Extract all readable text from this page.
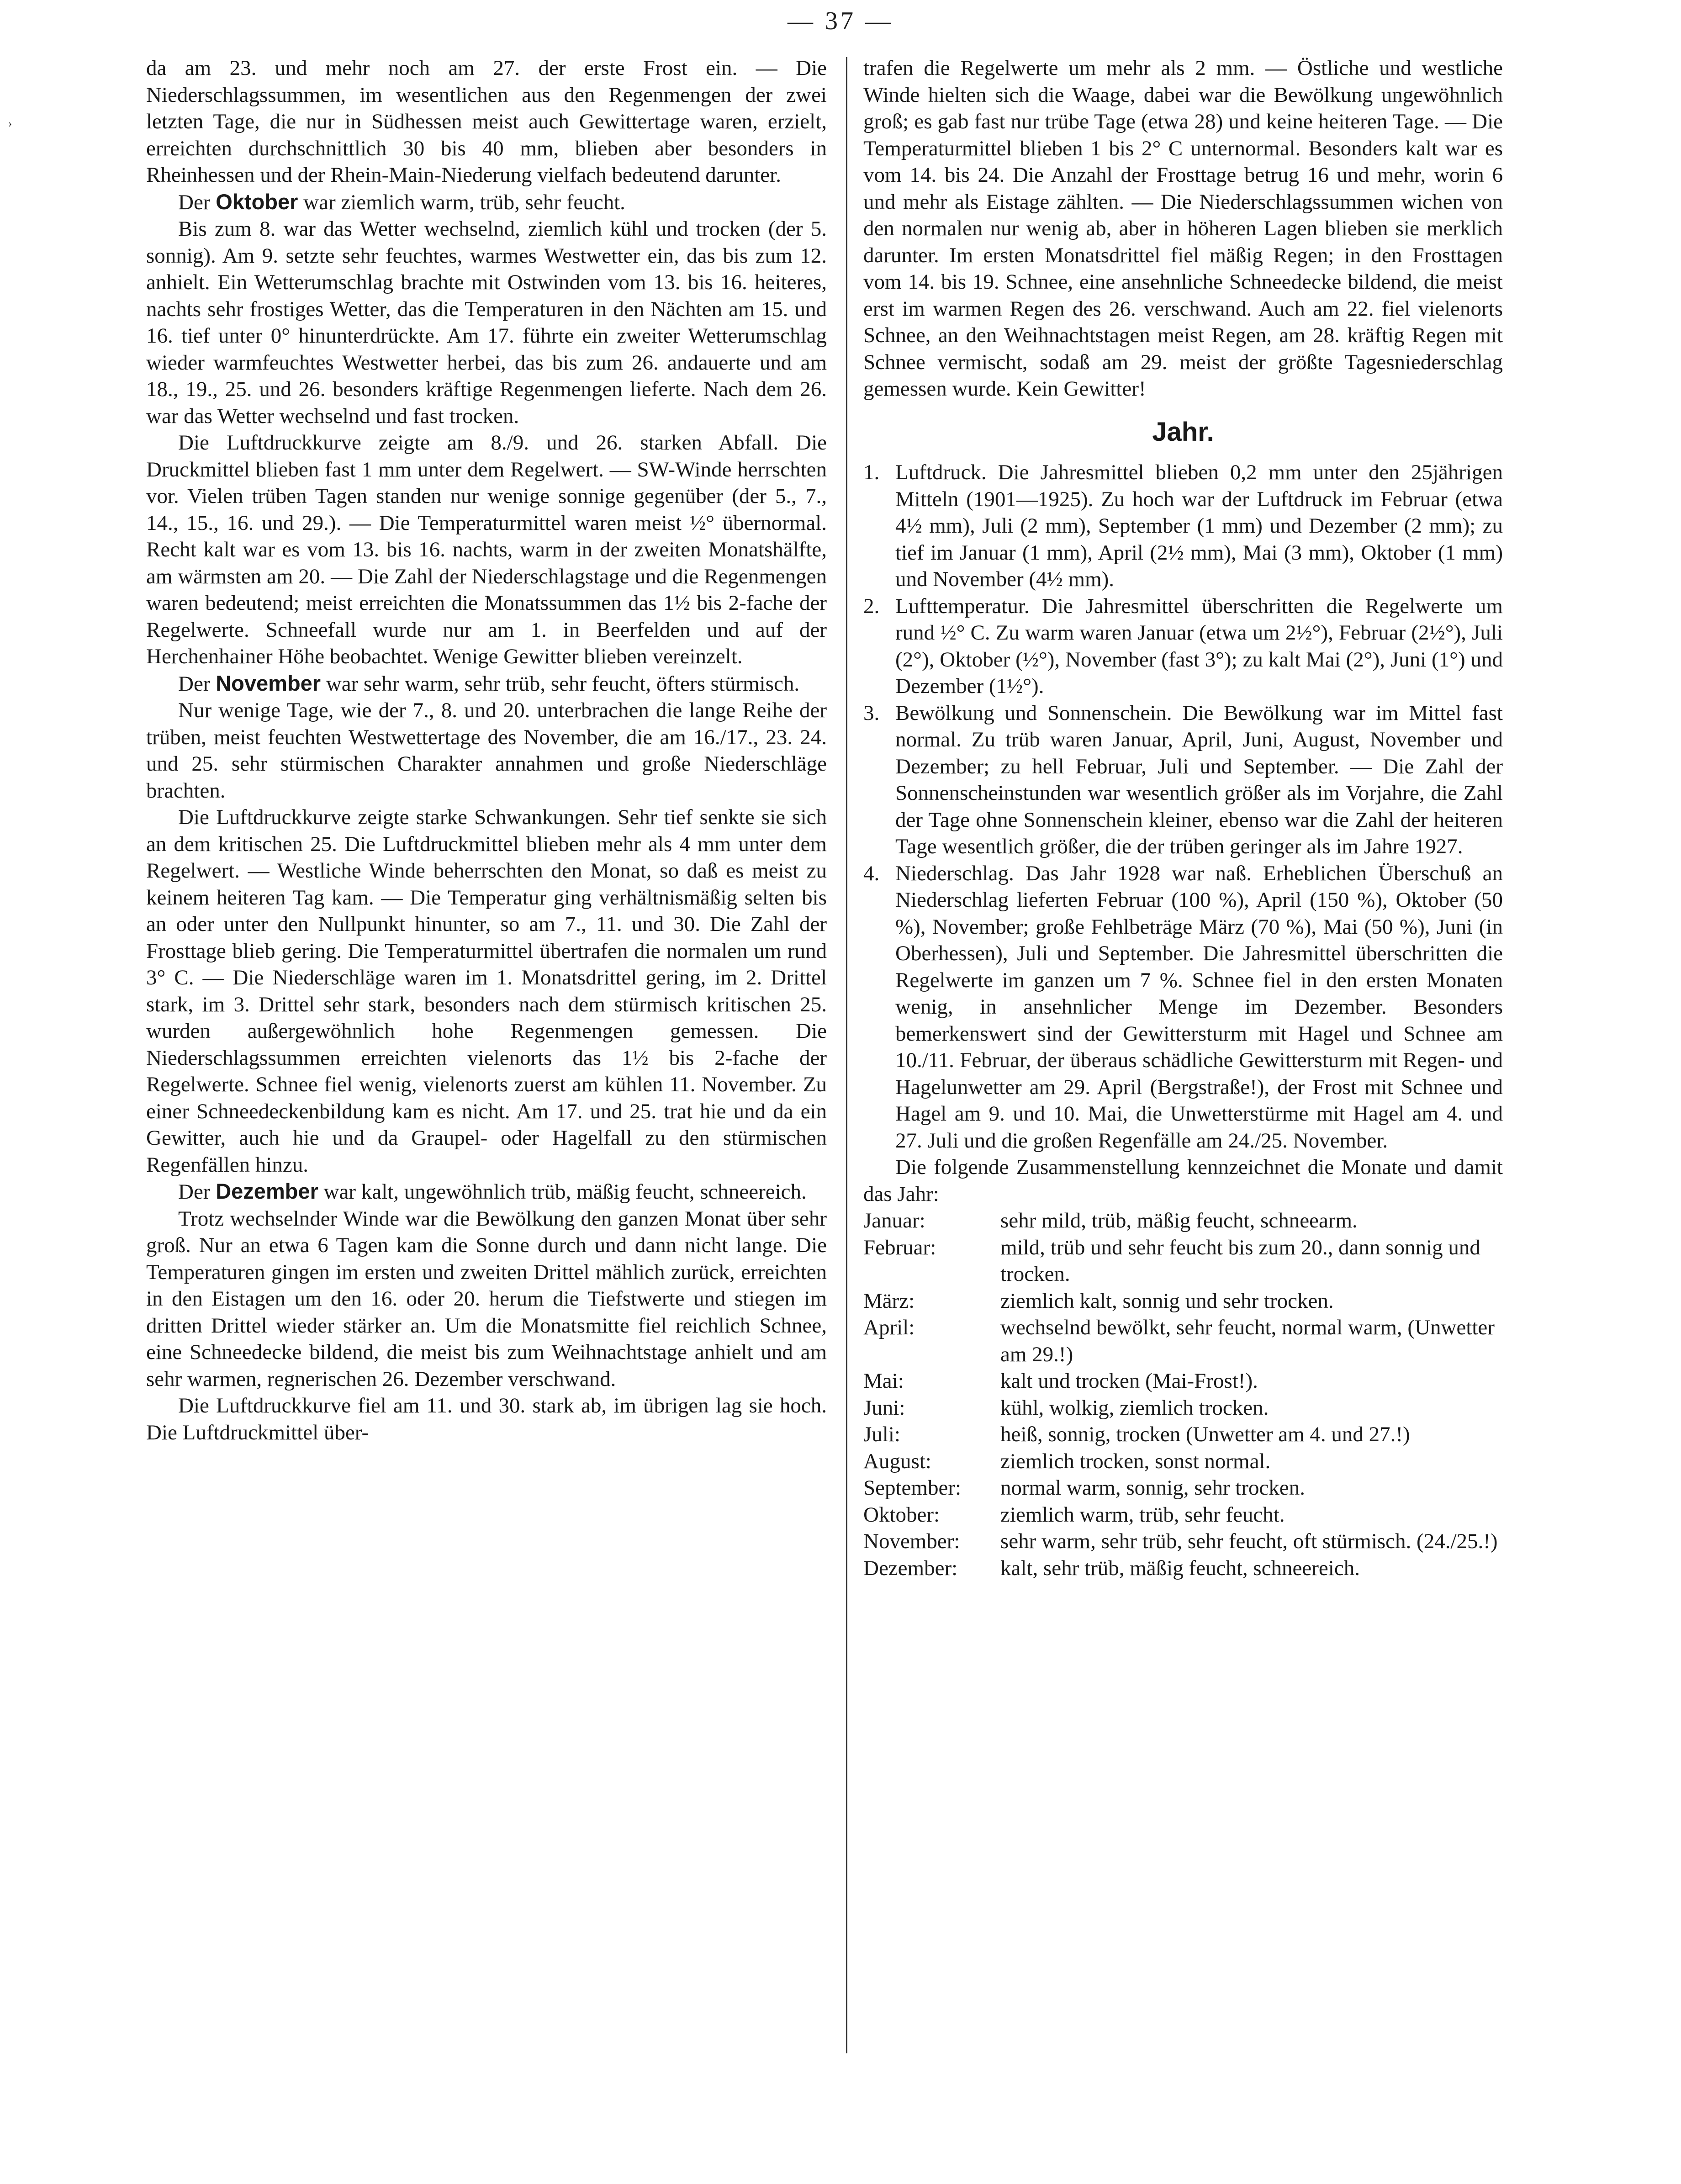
— 37 —
›

da am 23. und mehr noch am 27. der erste Frost ein. — Die Niederschlagssummen, im wesentlichen aus den Regenmengen der zwei letzten Tage, die nur in Südhessen meist auch Gewittertage waren, erzielt, erreichten durchschnittlich 30 bis 40 mm, blieben aber besonders in Rheinhessen und der Rhein-Main-Niederung vielfach bedeutend darunter.

Der Oktober war ziemlich warm, trüb, sehr feucht.

Bis zum 8. war das Wetter wechselnd, ziemlich kühl und trocken (der 5. sonnig). Am 9. setzte sehr feuchtes, warmes Westwetter ein, das bis zum 12. anhielt. Ein Wetterumschlag brachte mit Ostwinden vom 13. bis 16. heiteres, nachts sehr frostiges Wetter, das die Temperaturen in den Nächten am 15. und 16. tief unter 0° hinunterdrückte. Am 17. führte ein zweiter Wetterumschlag wieder warmfeuchtes Westwetter herbei, das bis zum 26. andauerte und am 18., 19., 25. und 26. besonders kräftige Regenmengen lieferte. Nach dem 26. war das Wetter wechselnd und fast trocken.

Die Luftdruckkurve zeigte am 8./9. und 26. starken Abfall. Die Druckmittel blieben fast 1 mm unter dem Regelwert. — SW-Winde herrschten vor. Vielen trüben Tagen standen nur wenige sonnige gegenüber (der 5., 7., 14., 15., 16. und 29.). — Die Temperaturmittel waren meist ½° übernormal. Recht kalt war es vom 13. bis 16. nachts, warm in der zweiten Monatshälfte, am wärmsten am 20. — Die Zahl der Niederschlagstage und die Regenmengen waren bedeutend; meist erreichten die Monatssummen das 1½ bis 2-fache der Regelwerte. Schneefall wurde nur am 1. in Beerfelden und auf der Herchenhainer Höhe beobachtet. Wenige Gewitter blieben vereinzelt.

Der November war sehr warm, sehr trüb, sehr feucht, öfters stürmisch.

Nur wenige Tage, wie der 7., 8. und 20. unterbrachen die lange Reihe der trüben, meist feuchten Westwettertage des November, die am 16./17., 23. 24. und 25. sehr stürmischen Charakter annahmen und große Niederschläge brachten.

Die Luftdruckkurve zeigte starke Schwankungen. Sehr tief senkte sie sich an dem kritischen 25. Die Luftdruckmittel blieben mehr als 4 mm unter dem Regelwert. — Westliche Winde beherrschten den Monat, so daß es meist zu keinem heiteren Tag kam. — Die Temperatur ging verhältnismäßig selten bis an oder unter den Nullpunkt hinunter, so am 7., 11. und 30. Die Zahl der Frosttage blieb gering. Die Temperaturmittel übertrafen die normalen um rund 3° C. — Die Niederschläge waren im 1. Monatsdrittel gering, im 2. Drittel stark, im 3. Drittel sehr stark, besonders nach dem stürmisch kritischen 25. wurden außergewöhnlich hohe Regenmengen gemessen. Die Niederschlagssummen erreichten vielenorts das 1½ bis 2-fache der Regelwerte. Schnee fiel wenig, vielenorts zuerst am kühlen 11. November. Zu einer Schneedeckenbildung kam es nicht. Am 17. und 25. trat hie und da ein Gewitter, auch hie und da Graupel- oder Hagelfall zu den stürmischen Regenfällen hinzu.

Der Dezember war kalt, ungewöhnlich trüb, mäßig feucht, schneereich.

Trotz wechselnder Winde war die Bewölkung den ganzen Monat über sehr groß. Nur an etwa 6 Tagen kam die Sonne durch und dann nicht lange. Die Temperaturen gingen im ersten und zweiten Drittel mählich zurück, erreichten in den Eistagen um den 16. oder 20. herum die Tiefstwerte und stiegen im dritten Drittel wieder stärker an. Um die Monatsmitte fiel reichlich Schnee, eine Schneedecke bildend, die meist bis zum Weihnachtstage anhielt und am sehr warmen, regnerischen 26. Dezember verschwand.

Die Luftdruckkurve fiel am 11. und 30. stark ab, im übrigen lag sie hoch. Die Luftdruckmittel über-

trafen die Regelwerte um mehr als 2 mm. — Östliche und westliche Winde hielten sich die Waage, dabei war die Bewölkung ungewöhnlich groß; es gab fast nur trübe Tage (etwa 28) und keine heiteren Tage. — Die Temperaturmittel blieben 1 bis 2° C unternormal. Besonders kalt war es vom 14. bis 24. Die Anzahl der Frosttage betrug 16 und mehr, worin 6 und mehr als Eistage zählten. — Die Niederschlagssummen wichen von den normalen nur wenig ab, aber in höheren Lagen blieben sie merklich darunter. Im ersten Monatsdrittel fiel mäßig Regen; in den Frosttagen vom 14. bis 19. Schnee, eine ansehnliche Schneedecke bildend, die meist erst im warmen Regen des 26. verschwand. Auch am 22. fiel vielenorts Schnee, an den Weihnachtstagen meist Regen, am 28. kräftig Regen mit Schnee vermischt, sodaß am 29. meist der größte Tagesniederschlag gemessen wurde. Kein Gewitter!

Jahr.
1. Luftdruck. Die Jahresmittel blieben 0,2 mm unter den 25jährigen Mitteln (1901—1925). Zu hoch war der Luftdruck im Februar (etwa 4½ mm), Juli (2 mm), September (1 mm) und Dezember (2 mm); zu tief im Januar (1 mm), April (2½ mm), Mai (3 mm), Oktober (1 mm) und November (4½ mm).
2. Lufttemperatur. Die Jahresmittel überschritten die Regelwerte um rund ½° C. Zu warm waren Januar (etwa um 2½°), Februar (2½°), Juli (2°), Oktober (½°), November (fast 3°); zu kalt Mai (2°), Juni (1°) und Dezember (1½°).
3. Bewölkung und Sonnenschein. Die Bewölkung war im Mittel fast normal. Zu trüb waren Januar, April, Juni, August, November und Dezember; zu hell Februar, Juli und September. — Die Zahl der Sonnenscheinstunden war wesentlich größer als im Vorjahre, die Zahl der Tage ohne Sonnenschein kleiner, ebenso war die Zahl der heiteren Tage wesentlich größer, die der trüben geringer als im Jahre 1927.
4. Niederschlag. Das Jahr 1928 war naß. Erheblichen Überschuß an Niederschlag lieferten Februar (100 %), April (150 %), Oktober (50 %), November; große Fehlbeträge März (70 %), Mai (50 %), Juni (in Oberhessen), Juli und September. Die Jahresmittel überschritten die Regelwerte im ganzen um 7 %. Schnee fiel in den ersten Monaten wenig, in ansehnlicher Menge im Dezember. Besonders bemerkenswert sind der Gewittersturm mit Hagel und Schnee am 10./11. Februar, der überaus schädliche Gewittersturm mit Regen- und Hagelunwetter am 29. April (Bergstraße!), der Frost mit Schnee und Hagel am 9. und 10. Mai, die Unwetterstürme mit Hagel am 4. und 27. Juli und die großen Regenfälle am 24./25. November.

Die folgende Zusammenstellung kennzeichnet die Monate und damit das Jahr:

Januar:	sehr mild, trüb, mäßig feucht, schneearm.
Februar:	mild, trüb und sehr feucht bis zum 20., dann sonnig und trocken.
März:	ziemlich kalt, sonnig und sehr trocken.
April:	wechselnd bewölkt, sehr feucht, normal warm, (Unwetter am 29.!)
Mai:	kalt und trocken (Mai-Frost!).
Juni:	kühl, wolkig, ziemlich trocken.
Juli:	heiß, sonnig, trocken (Unwetter am 4. und 27.!)
August:	ziemlich trocken, sonst normal.
September:	normal warm, sonnig, sehr trocken.
Oktober:	ziemlich warm, trüb, sehr feucht.
November:	sehr warm, sehr trüb, sehr feucht, oft stürmisch. (24./25.!)
Dezember:	kalt, sehr trüb, mäßig feucht, schneereich.
